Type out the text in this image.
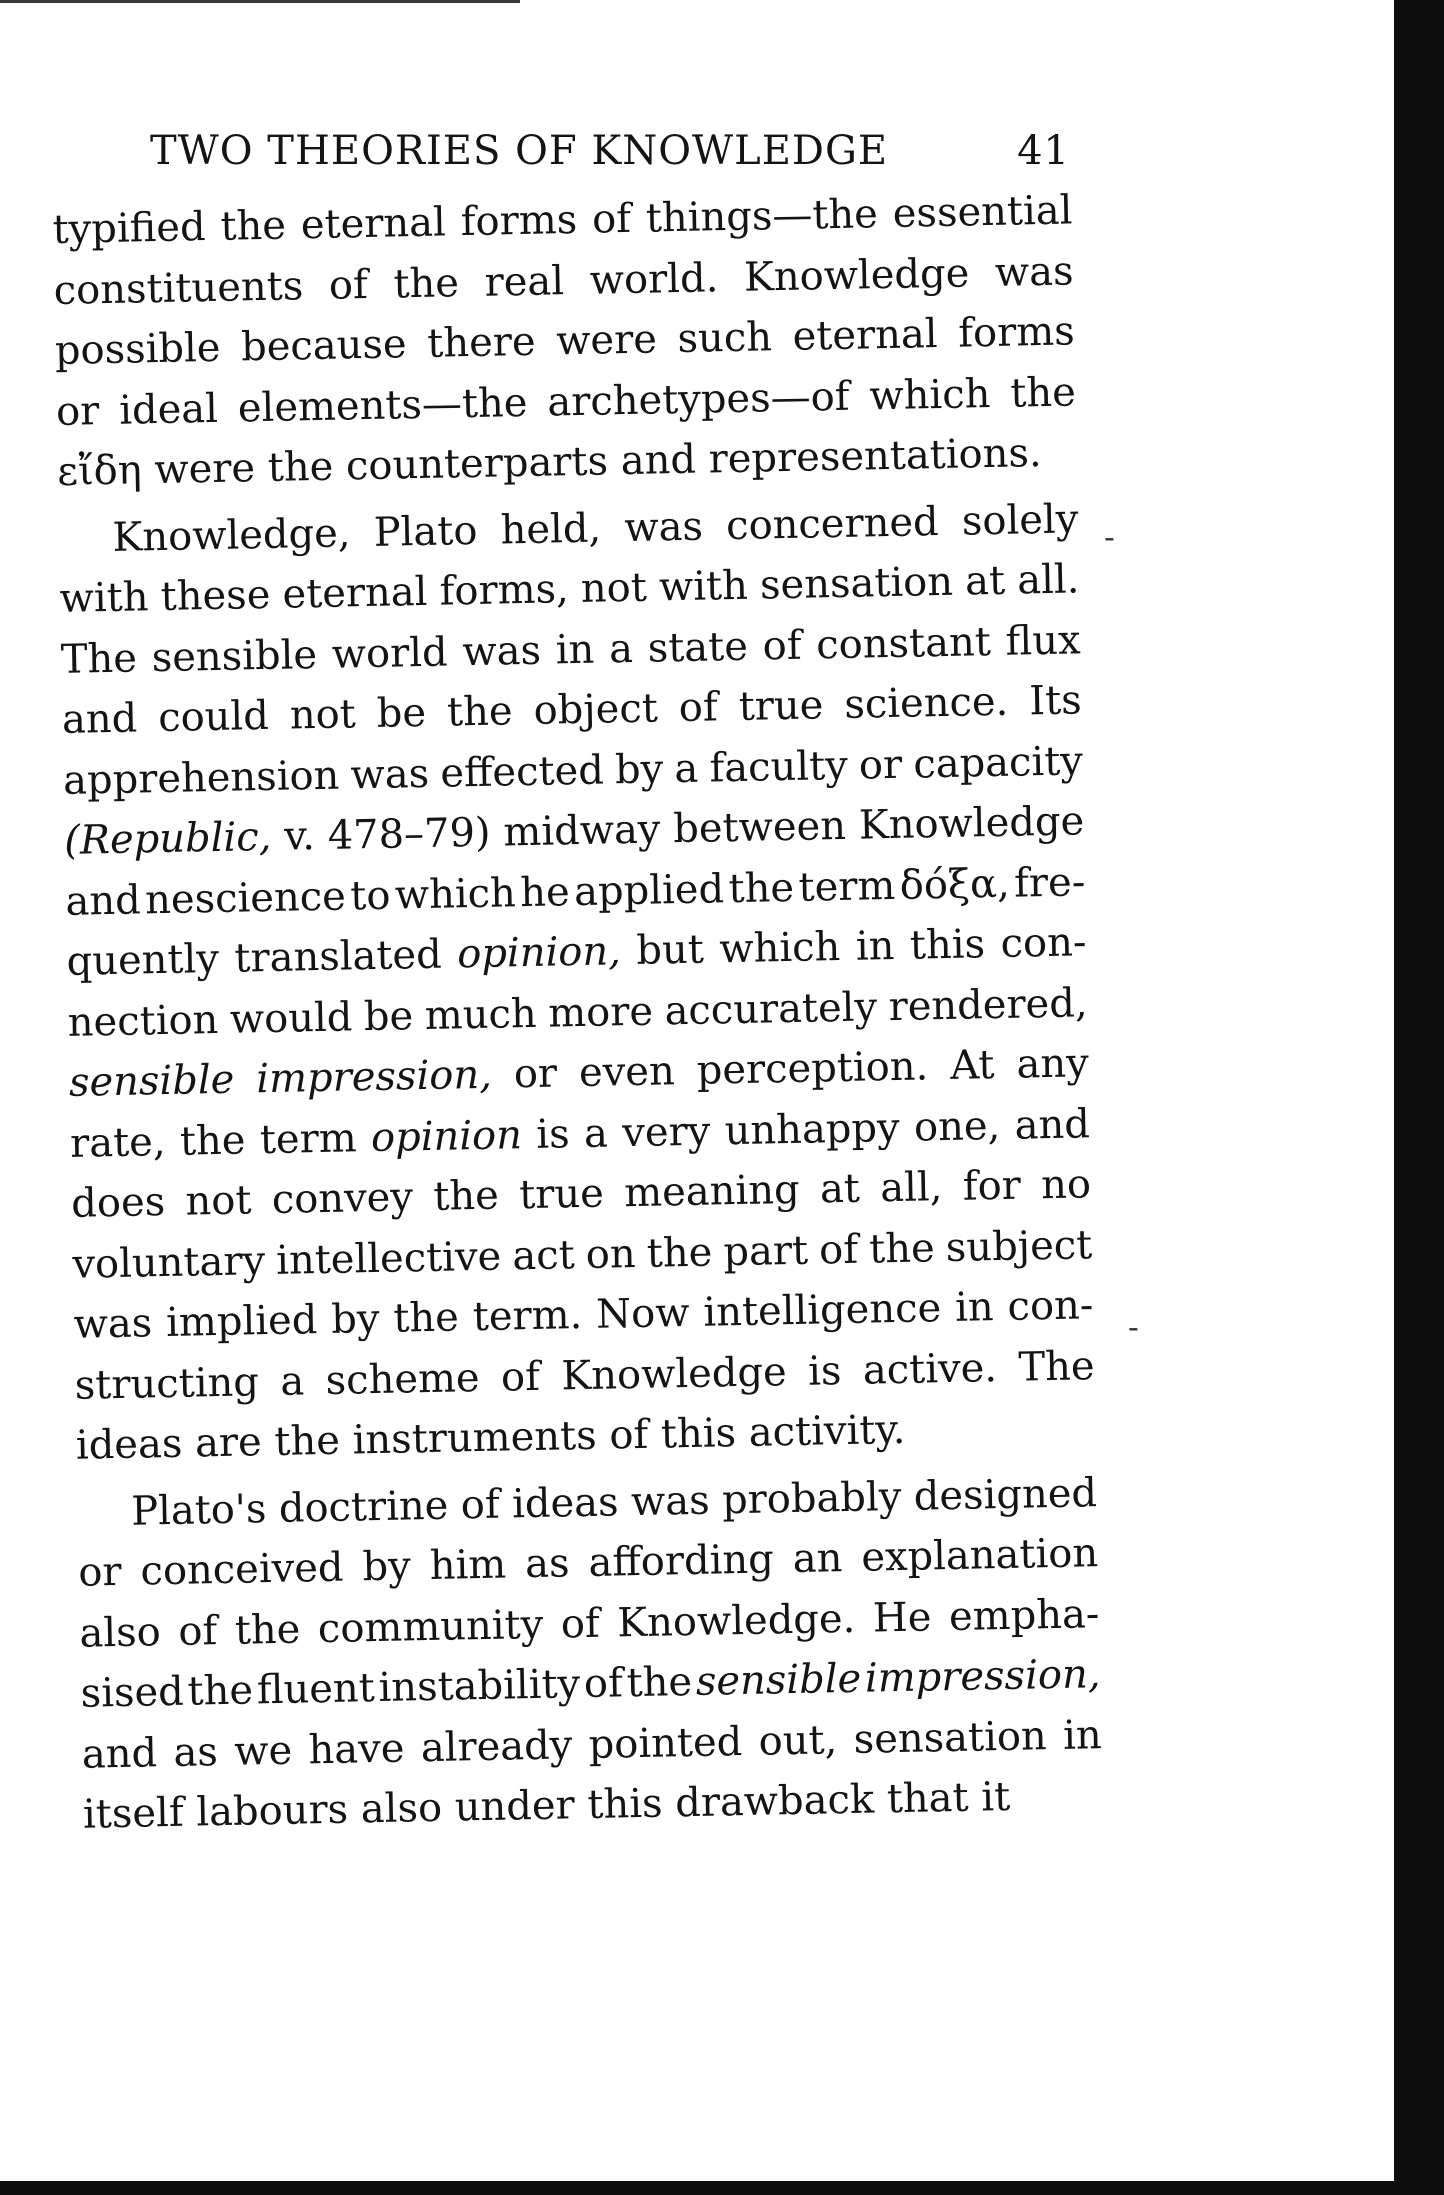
TWO THEORIES OF KNOWLEDGE	41
typified the eternal forms of things—the essential
constituents of the real world. Knowledge was
possible because there were such eternal forms
or ideal elements—the archetypes—of which the
εἴδη
were
the
counterparts
and
representations.
Knowledge, Plato held, was concerned solely
with these eternal forms, not with sensation at all.
The sensible world was in a state of constant flux
and could not be the object of true science. Its
apprehension was effected by a faculty or capacity
(Republic, v. 478–79) midway between Knowledge
and nescience to which he applied the term δόξα, fre-
quently translated opinion, but which in this con-
nection would be much more accurately rendered,
sensible impression, or even perception. At any
rate, the term opinion is a very unhappy one, and
does not convey the true meaning at all, for no
voluntary intellective act on the part of the subject
was implied by the term. Now intelligence in con-
structing a scheme of Knowledge is active. The
ideas
are
the
instruments
of
this
activity.
Plato's doctrine of ideas was probably designed
or conceived by him as affording an explanation
also of the community of Knowledge. He empha-
sised the fluent instability of the sensible impression,
and as we have already pointed out, sensation in
itself
labours
also
under
this
drawback
that
it
-
-
